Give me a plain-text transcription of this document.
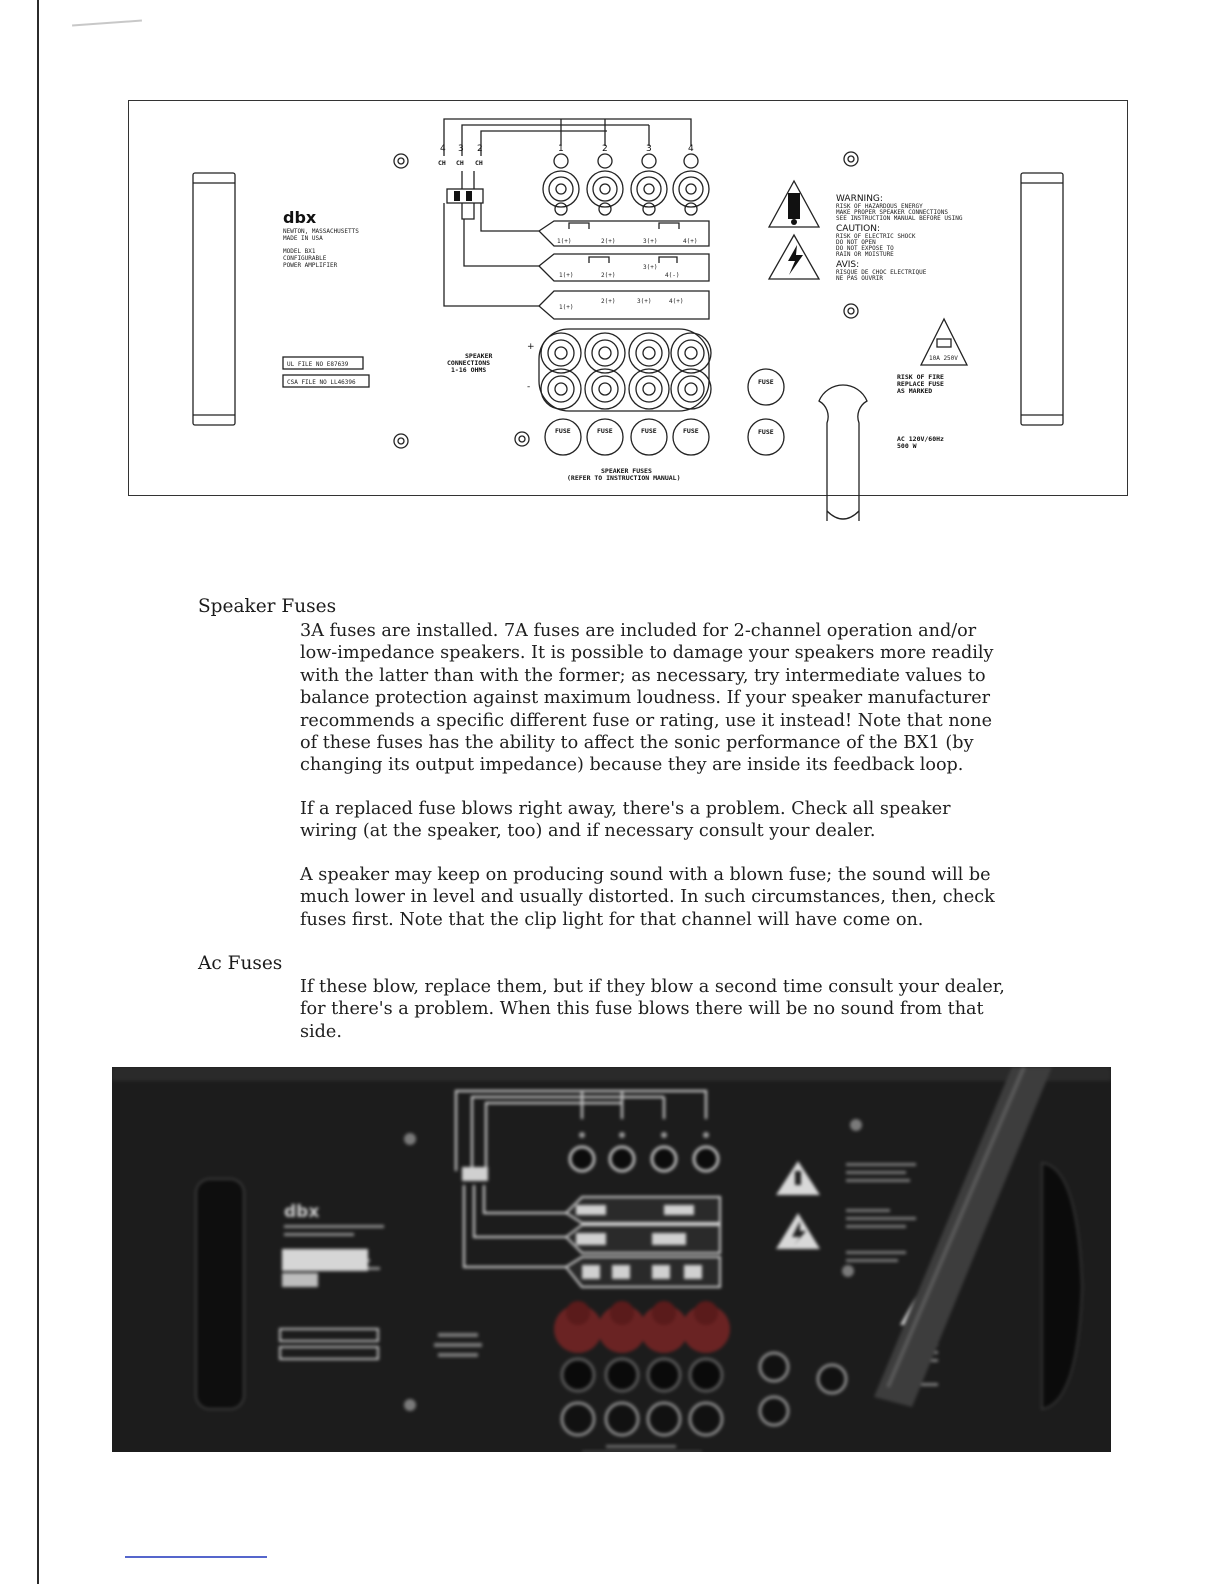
dbx
NEWTON, MASSACHUSETTS
MADE IN USA
MODEL BX1
CONFIGURABLE
POWER AMPLIFIER
UL FILE NO E87639
CSA FILE NO LL46396
4 3 2
CH CH CH
1	2	3	4
1(+)	2(+)	3(+)	4(+)
1(+)	2(+)
3(+)
4(-)
1(+)
2(+)	3(+)	4(+)
SPEAKER
CONNECTIONS
1-16 OHMS
+
-
FUSE	FUSE	FUSE	FUSE
FUSE
FUSE
SPEAKER FUSES
(REFER TO INSTRUCTION MANUAL)
WARNING:
RISK OF HAZARDOUS ENERGY
MAKE PROPER SPEAKER CONNECTIONS
SEE INSTRUCTION MANUAL BEFORE USING
CAUTION:
RISK OF ELECTRIC SHOCK
DO NOT OPEN
DO NOT EXPOSE TO
RAIN OR MOISTURE
AVIS:
RISQUE DE CHOC ELECTRIQUE
NE PAS OUVRIR
10A 250V
RISK OF FIRE
REPLACE FUSE
AS MARKED
AC 120V/60Hz
500 W
Speaker Fuses

3A fuses are installed. 7A fuses are included for 2-channel operation and/or
low-impedance speakers. It is possible to damage your speakers more readily
with the latter than with the former; as necessary, try intermediate values to
balance protection against maximum loudness. If your speaker manufacturer
recommends a specific different fuse or rating, use it instead! Note that none
of these fuses has the ability to affect the sonic performance of the BX1 (by
changing its output impedance) because they are inside its feedback loop.

If a replaced fuse blows right away, there's a problem. Check all speaker
wiring (at the speaker, too) and if necessary consult your dealer.

A speaker may keep on producing sound with a blown fuse; the sound will be
much lower in level and usually distorted. In such circumstances, then, check
fuses first. Note that the clip light for that channel will have come on.

Ac Fuses

If these blow, replace them, but if they blow a second time consult your dealer,
for there's a problem. When this fuse blows there will be no sound from that
side.

dbx
